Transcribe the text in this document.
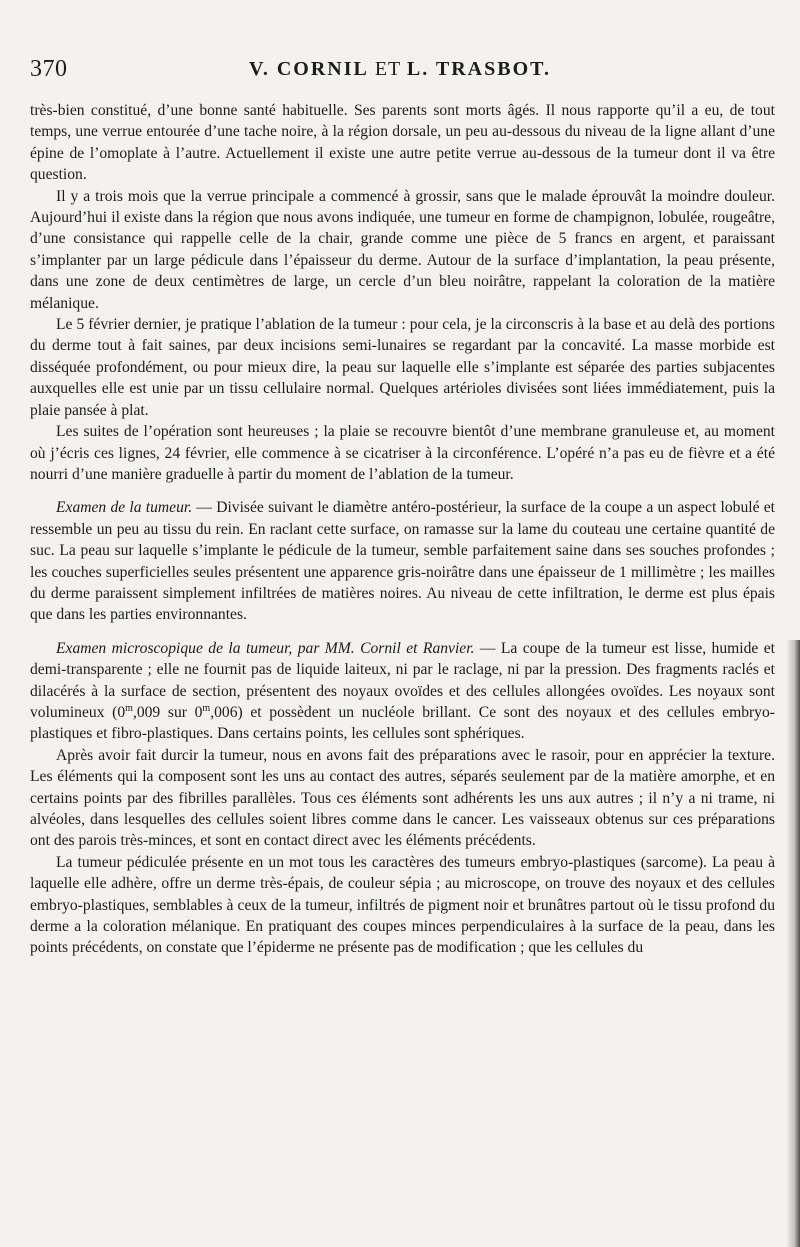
370	V. CORNIL ET L. TRASBOT.

très-bien constitué, d’une bonne santé habituelle. Ses parents sont morts âgés. Il nous rapporte qu’il a eu, de tout temps, une verrue entourée d’une tache noire, à la région dorsale, un peu au-dessous du niveau de la ligne allant d’une épine de l’omoplate à l’autre. Actuellement il existe une autre petite verrue au-dessous de la tumeur dont il va être question.

Il y a trois mois que la verrue principale a commencé à grossir, sans que le malade éprouvât la moindre douleur. Aujourd’hui il existe dans la région que nous avons indiquée, une tumeur en forme de champignon, lobulée, rougeâtre, d’une consistance qui rappelle celle de la chair, grande comme une pièce de 5 francs en argent, et paraissant s’implanter par un large pédicule dans l’épaisseur du derme. Autour de la surface d’implantation, la peau présente, dans une zone de deux centimètres de large, un cercle d’un bleu noirâtre, rappelant la coloration de la matière mélanique.

Le 5 février dernier, je pratique l’ablation de la tumeur : pour cela, je la circonscris à la base et au delà des portions du derme tout à fait saines, par deux incisions semi-lunaires se regardant par la concavité. La masse morbide est disséquée profondément, ou pour mieux dire, la peau sur laquelle elle s’implante est séparée des parties subjacentes auxquelles elle est unie par un tissu cellulaire normal. Quelques artérioles divisées sont liées immédiatement, puis la plaie pansée à plat.

Les suites de l’opération sont heureuses ; la plaie se recouvre bientôt d’une membrane granuleuse et, au moment où j’écris ces lignes, 24 février, elle commence à se cicatriser à la circonférence. L’opéré n’a pas eu de fièvre et a été nourri d’une manière graduelle à partir du moment de l’ablation de la tumeur.

Examen de la tumeur. — Divisée suivant le diamètre antéro-postérieur, la surface de la coupe a un aspect lobulé et ressemble un peu au tissu du rein. En raclant cette surface, on ramasse sur la lame du couteau une certaine quantité de suc. La peau sur laquelle s’implante le pédicule de la tumeur, semble parfaitement saine dans ses souches profondes ; les couches superficielles seules présentent une apparence gris-noirâtre dans une épaisseur de 1 millimètre ; les mailles du derme paraissent simplement infiltrées de matières noires. Au niveau de cette infiltration, le derme est plus épais que dans les parties environnantes.

Examen microscopique de la tumeur, par MM. Cornil et Ranvier. — La coupe de la tumeur est lisse, humide et demi-transparente ; elle ne fournit pas de liquide laiteux, ni par le raclage, ni par la pression. Des fragments raclés et dilacérés à la surface de section, présentent des noyaux ovoïdes et des cellules allongées ovoïdes. Les noyaux sont volumineux (0$^m$,009 sur 0$^m$,006) et possèdent un nucléole brillant. Ce sont des noyaux et des cellules embryo-plastiques et fibro-plastiques. Dans certains points, les cellules sont sphériques.

Après avoir fait durcir la tumeur, nous en avons fait des préparations avec le rasoir, pour en apprécier la texture. Les éléments qui la composent sont les uns au contact des autres, séparés seulement par de la matière amorphe, et en certains points par des fibrilles parallèles. Tous ces éléments sont adhérents les uns aux autres ; il n’y a ni trame, ni alvéoles, dans lesquelles des cellules soient libres comme dans le cancer. Les vaisseaux obtenus sur ces préparations ont des parois très-minces, et sont en contact direct avec les éléments précédents.

La tumeur pédiculée présente en un mot tous les caractères des tumeurs embryo-plastiques (sarcome). La peau à laquelle elle adhère, offre un derme très-épais, de couleur sépia ; au microscope, on trouve des noyaux et des cellules embryo-plastiques, semblables à ceux de la tumeur, infiltrés de pigment noir et brunâtres partout où le tissu profond du derme a la coloration mélanique. En pratiquant des coupes minces perpendiculaires à la surface de la peau, dans les points précédents, on constate que l’épiderme ne présente pas de modification ; que les cellules du
